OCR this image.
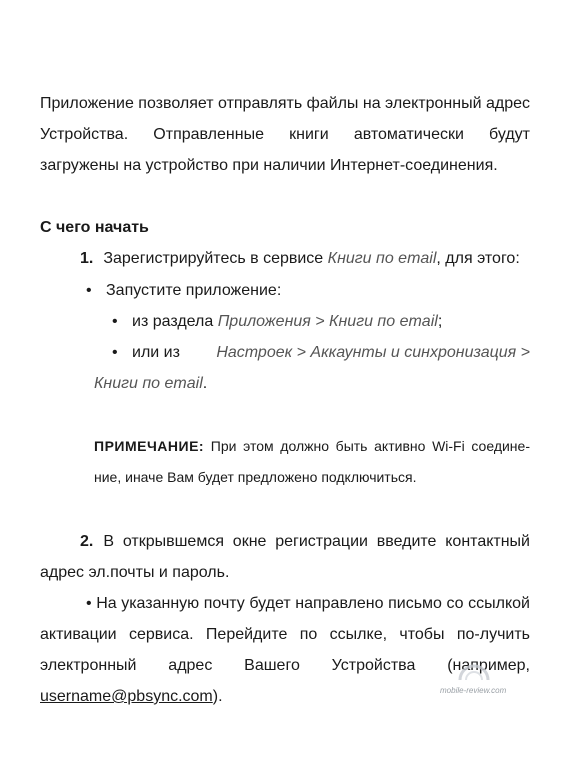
Приложение позволяет отправлять файлы на электронный адрес Устройства. Отправленные книги автоматически будут загружены на устройство при наличии Интернет-соединения.

С чего начать
1. Зарегистрируйтесь в сервисе Книги по email, для этого:
• Запустите приложение:
• из раздела Приложения > Книги по email;
• или из Настроек > Аккаунты и синхронизация >
Книги по email.

ПРИМЕЧАНИЕ: При этом должно быть активно Wi-Fi соедине-ние, иначе Вам будет предложено подключиться.

2. В открывшемся окне регистрации введите контактный адрес эл.почты и пароль.

• На указанную почту будет направлено письмо со ссылкой активации сервиса. Перейдите по ссылке, чтобы по-лучить электронный адрес Вашего Устройства (например, username@pbsync.com).	mobile-review.com
